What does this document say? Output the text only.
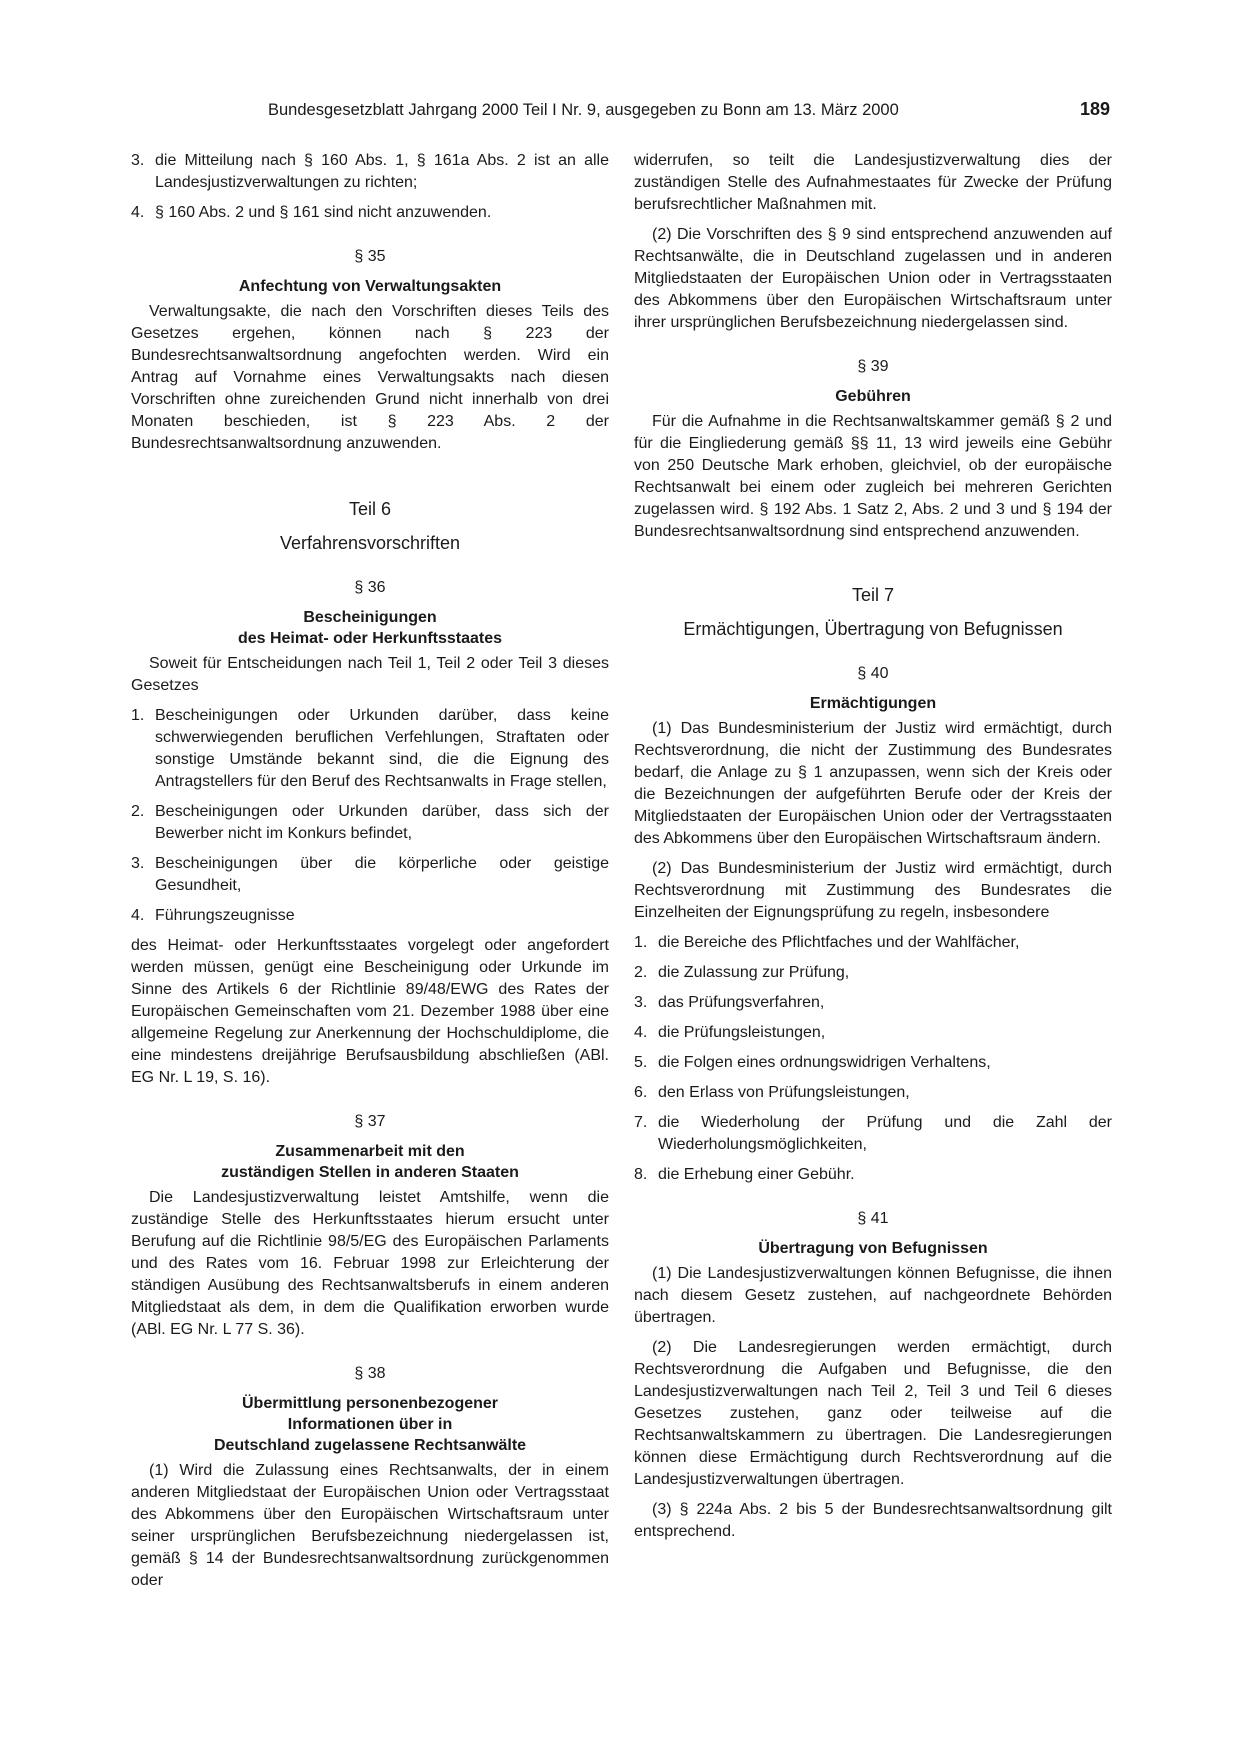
Bundesgesetzblatt Jahrgang 2000 Teil I Nr. 9, ausgegeben zu Bonn am 13. März 2000	189
3. die Mitteilung nach § 160 Abs. 1, § 161a Abs. 2 ist an alle Landesjustizverwaltungen zu richten;
4. § 160 Abs. 2 und § 161 sind nicht anzuwenden.
§ 35
Anfechtung von Verwaltungsakten

Verwaltungsakte, die nach den Vorschriften dieses Teils des Gesetzes ergehen, können nach § 223 der Bundesrechtsanwaltsordnung angefochten werden. Wird ein Antrag auf Vornahme eines Verwaltungsakts nach diesen Vorschriften ohne zureichenden Grund nicht innerhalb von drei Monaten beschieden, ist § 223 Abs. 2 der Bundesrechtsanwaltsordnung anzuwenden.

Teil 6
Verfahrensvorschriften
§ 36
Bescheinigungen
des Heimat- oder Herkunftsstaates

Soweit für Entscheidungen nach Teil 1, Teil 2 oder Teil 3 dieses Gesetzes

1. Bescheinigungen oder Urkunden darüber, dass keine schwerwiegenden beruflichen Verfehlungen, Straftaten oder sonstige Umstände bekannt sind, die die Eignung des Antragstellers für den Beruf des Rechtsanwalts in Frage stellen,
2. Bescheinigungen oder Urkunden darüber, dass sich der Bewerber nicht im Konkurs befindet,
3. Bescheinigungen über die körperliche oder geistige Gesundheit,
4. Führungszeugnisse

des Heimat- oder Herkunftsstaates vorgelegt oder angefordert werden müssen, genügt eine Bescheinigung oder Urkunde im Sinne des Artikels 6 der Richtlinie 89/48/EWG des Rates der Europäischen Gemeinschaften vom 21. Dezember 1988 über eine allgemeine Regelung zur Anerkennung der Hochschuldiplome, die eine mindestens dreijährige Berufsausbildung abschließen (ABl. EG Nr. L 19, S. 16).

§ 37
Zusammenarbeit mit den
zuständigen Stellen in anderen Staaten

Die Landesjustizverwaltung leistet Amtshilfe, wenn die zuständige Stelle des Herkunftsstaates hierum ersucht unter Berufung auf die Richtlinie 98/5/EG des Europäischen Parlaments und des Rates vom 16. Februar 1998 zur Erleichterung der ständigen Ausübung des Rechtsanwaltsberufs in einem anderen Mitgliedstaat als dem, in dem die Qualifikation erworben wurde (ABl. EG Nr. L 77 S. 36).

§ 38
Übermittlung personenbezogener
Informationen über in
Deutschland zugelassene Rechtsanwälte

(1) Wird die Zulassung eines Rechtsanwalts, der in einem anderen Mitgliedstaat der Europäischen Union oder Vertragsstaat des Abkommens über den Europäischen Wirtschaftsraum unter seiner ursprünglichen Berufsbezeichnung niedergelassen ist, gemäß § 14 der Bundesrechtsanwaltsordnung zurückgenommen oder

widerrufen, so teilt die Landesjustizverwaltung dies der zuständigen Stelle des Aufnahmestaates für Zwecke der Prüfung berufsrechtlicher Maßnahmen mit.

(2) Die Vorschriften des § 9 sind entsprechend anzuwenden auf Rechtsanwälte, die in Deutschland zugelassen und in anderen Mitgliedstaaten der Europäischen Union oder in Vertragsstaaten des Abkommens über den Europäischen Wirtschaftsraum unter ihrer ursprünglichen Berufsbezeichnung niedergelassen sind.

§ 39
Gebühren

Für die Aufnahme in die Rechtsanwaltskammer gemäß § 2 und für die Eingliederung gemäß §§ 11, 13 wird jeweils eine Gebühr von 250 Deutsche Mark erhoben, gleichviel, ob der europäische Rechtsanwalt bei einem oder zugleich bei mehreren Gerichten zugelassen wird. § 192 Abs. 1 Satz 2, Abs. 2 und 3 und § 194 der Bundesrechtsanwaltsordnung sind entsprechend anzuwenden.

Teil 7
Ermächtigungen, Übertragung von Befugnissen
§ 40
Ermächtigungen

(1) Das Bundesministerium der Justiz wird ermächtigt, durch Rechtsverordnung, die nicht der Zustimmung des Bundesrates bedarf, die Anlage zu § 1 anzupassen, wenn sich der Kreis oder die Bezeichnungen der aufgeführten Berufe oder der Kreis der Mitgliedstaaten der Europäischen Union oder der Vertragsstaaten des Abkommens über den Europäischen Wirtschaftsraum ändern.

(2) Das Bundesministerium der Justiz wird ermächtigt, durch Rechtsverordnung mit Zustimmung des Bundesrates die Einzelheiten der Eignungsprüfung zu regeln, insbesondere

1. die Bereiche des Pflichtfaches und der Wahlfächer,
2. die Zulassung zur Prüfung,
3. das Prüfungsverfahren,
4. die Prüfungsleistungen,
5. die Folgen eines ordnungswidrigen Verhaltens,
6. den Erlass von Prüfungsleistungen,
7. die Wiederholung der Prüfung und die Zahl der Wiederholungsmöglichkeiten,
8. die Erhebung einer Gebühr.
§ 41
Übertragung von Befugnissen

(1) Die Landesjustizverwaltungen können Befugnisse, die ihnen nach diesem Gesetz zustehen, auf nachgeordnete Behörden übertragen.

(2) Die Landesregierungen werden ermächtigt, durch Rechtsverordnung die Aufgaben und Befugnisse, die den Landesjustizverwaltungen nach Teil 2, Teil 3 und Teil 6 dieses Gesetzes zustehen, ganz oder teilweise auf die Rechtsanwaltskammern zu übertragen. Die Landesregierungen können diese Ermächtigung durch Rechtsverordnung auf die Landesjustizverwaltungen übertragen.

(3) § 224a Abs. 2 bis 5 der Bundesrechtsanwaltsordnung gilt entsprechend.
